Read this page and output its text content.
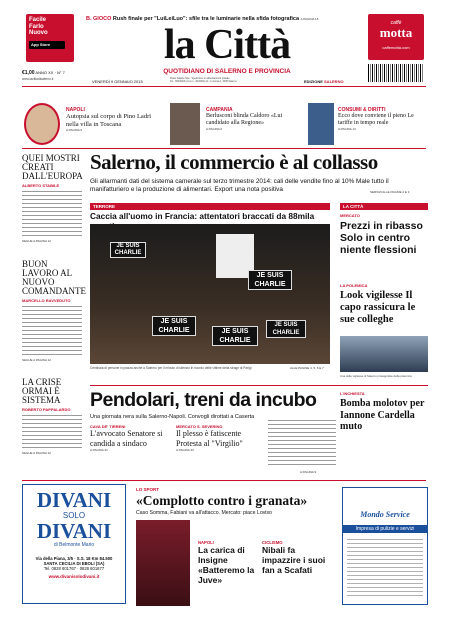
Facile
Farlo
Nuovo
App Store
B. GIOCO Rush finale per "LuiLeiLuo": sfile tra le luminarie nella sfida fotografica A PAGINA 15
la Città
QUOTIDIANO DI SALERNO E PROVINCIA
€1,00 ANNO XX · N° 7
www.lacittadisalerno.it	VENERDÌ 9 GENNAIO 2015
Poste Italiane Spa · Spedizione in abbonamento postale
D.L. 353/2003 (conv. L. 46/2004) art. 1 comma 1, DCB Salerno	EDIZIONE SALERNO
caffè
motta
caffemotta.com
NAPOLI
Autopsia sul corpo di Pino Ladri nella villa in Toscana
A PAGINA 6
CAMPANIA
Berlusconi blinda Caldoro «Lui candidato alla Regione»
A PAGINA 6
CONSUMI & DIRITTI
Ecco dove conviene il pieno Le tariffe in tempo reale
A PAGINA 13
QUEI MOSTRI CREATI DALL'EUROPA
ALBERTO STABILE
SEGUE A PAGINA 12
BUON LAVORO AL NUOVO COMANDANTE
MARCELLO RAVVEDUTO
SEGUE A PAGINA 12
LA CRISE ORMAI È SISTEMA
ROBERTO PAPPALARDO
SEGUE A PAGINA 12
Salerno, il commercio è al collasso
Gli allarmanti dati del sistema camerale sul terzo trimestre 2014: cali delle vendite fino al 10% Male tutto il manifatturiero e la produzione di alimentari. Export una nota positiva	SERVIZI ALLE PAGINE 2 E 3
TERRORE
Caccia all'uomo in Francia: attentatori braccati da 88mila
JE SUIS
CHARLIE
JE SUIS
CHARLIE
JE SUIS
CHARLIE	JE SUIS
CHARLIE
JE SUIS
CHARLIE
Centinaia di persone in piazza anche a Salerno per il minuto di silenzio in ricordo delle vittime della strage di Parigi	ALLE PAGINE 4, 5, 6 E 7
LA CITTÀ
MERCATO
Prezzi in ribasso Solo in centro niente flessioni
LA POLEMICA
Look vigilesse Il capo rassicura le sue colleghe
Una delle vigilesse di Salerno protagoniste della polemica
Pendolari, treni da incubo
Una giornata nera sulla Salerno-Napoli. Convogli dirottati a Caserta
CAVA DE' TIRRENI
L'avvocato Senatore si candida a sindaco
A PAGINA 21
MERCATO S. SEVERINO
Il plesso è fatiscente Protesta al "Virgilio"
A PAGINA 23
A PAGINA 9
L'INCHIESTA
Bomba molotov per Iannone Cardella muto
DIVANI
SOLO
DIVANI
di Belmonte Mario
Via della Piana, 3/5 · S.S. 18 Km 84.500
SANTA CECILIA DI EBOLI (SA)
Tel. 0828 601767 · 0828 601677
www.divanisolodivani.it
LO SPORT
«Complotto contro i granata»
Caso Somma, Fabiani va all'attacco. Mercato: piace Loviso
NAPOLI
La carica di Insigne «Batteremo la Juve»
CICLISMO
Nibali fa impazzire i suoi fan a Scafati
Mondo Service
Impresa di pulizie e servizi
